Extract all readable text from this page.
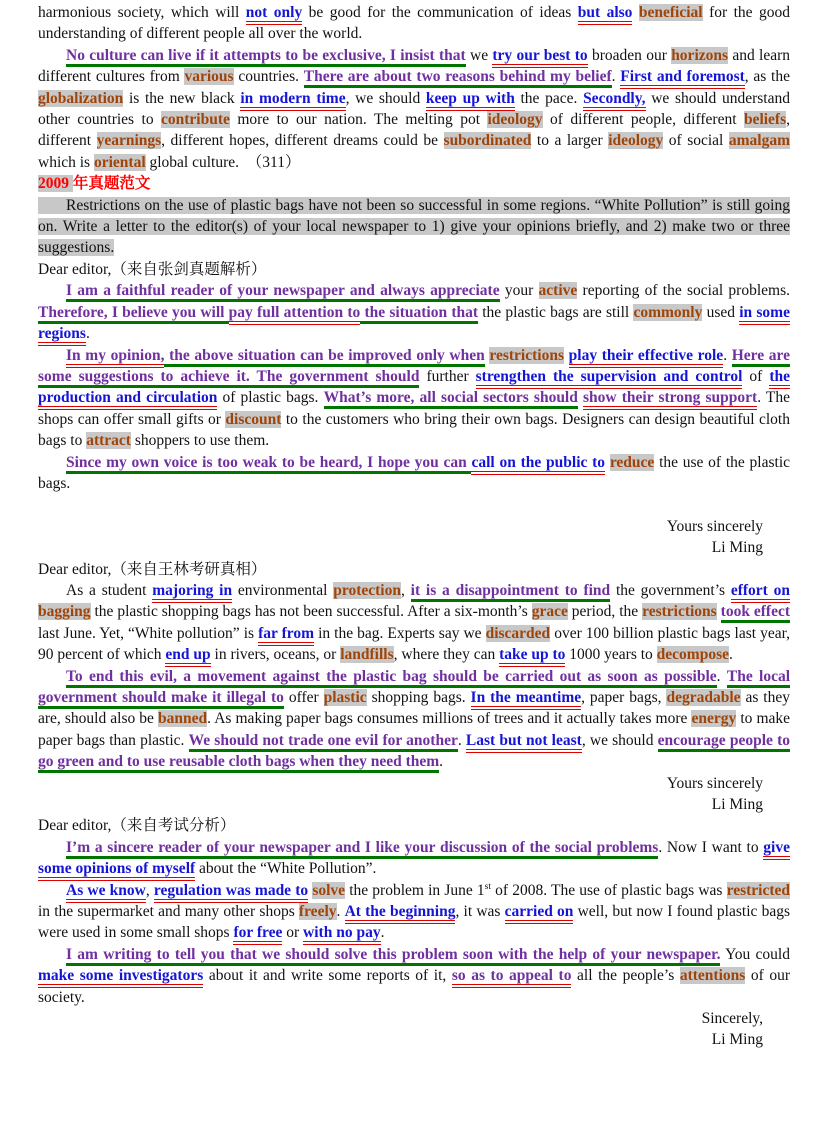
harmonious society, which will not only be good for the communication of ideas but also beneficial for the good understanding of different people all over the world.

No culture can live if it attempts to be exclusive, I insist that we try our best to broaden our horizons and learn different cultures from various countries. There are about two reasons behind my belief. First and foremost, as the globalization is the new black in modern time, we should keep up with the pace. Secondly, we should understand other countries to contribute more to our nation. The melting pot ideology of different people, different beliefs, different yearnings, different hopes, different dreams could be subordinated to a larger ideology of social amalgam which is oriental global culture.　（311）

2009 年真题范文

Restrictions on the use of plastic bags have not been so successful in some regions. “White Pollution” is still going on. Write a letter to the editor(s) of your local newspaper to 1) give your opinions briefly, and 2) make two or three suggestions.

Dear editor,（来自张剑真题解析）

I am a faithful reader of your newspaper and always appreciate your active reporting of the social problems. Therefore, I believe you will pay full attention to the situation that the plastic bags are still commonly used in some regions.

In my opinion, the above situation can be improved only when restrictions play their effective role. Here are some suggestions to achieve it. The government should further strengthen the supervision and control of the production and circulation of plastic bags. What’s more, all social sectors should show their strong support. The shops can offer small gifts or discount to the customers who bring their own bags. Designers can design beautiful cloth bags to attract shoppers to use them.

Since my own voice is too weak to be heard, I hope you can call on the public to reduce the use of the plastic bags.

Yours sincerely
Li Ming

Dear editor,（来自王林考研真相）

As a student majoring in environmental protection, it is a disappointment to find the government’s effort on bagging the plastic shopping bags has not been successful. After a six-month’s grace period, the restrictions took effect last June. Yet, “White pollution” is far from in the bag. Experts say we discarded over 100 billion plastic bags last year, 90 percent of which end up in rivers, oceans, or landfills, where they can take up to 1000 years to decompose.

To end this evil, a movement against the plastic bag should be carried out as soon as possible. The local government should make it illegal to offer plastic shopping bags. In the meantime, paper bags, degradable as they are, should also be banned. As making paper bags consumes millions of trees and it actually takes more energy to make paper bags than plastic. We should not trade one evil for another. Last but not least, we should encourage people to go green and to use reusable cloth bags when they need them.

Yours sincerely
Li Ming

Dear editor,（来自考试分析）

I’m a sincere reader of your newspaper and I like your discussion of the social problems. Now I want to give some opinions of myself about the “White Pollution”.

As we know, regulation was made to solve the problem in June 1st of 2008. The use of plastic bags was restricted in the supermarket and many other shops freely. At the beginning, it was carried on well, but now I found plastic bags were used in some small shops for free or with no pay.

I am writing to tell you that we should solve this problem soon with the help of your newspaper. You could make some investigators about it and write some reports of it, so as to appeal to all the people’s attentions of our society.

Sincerely,
Li Ming
